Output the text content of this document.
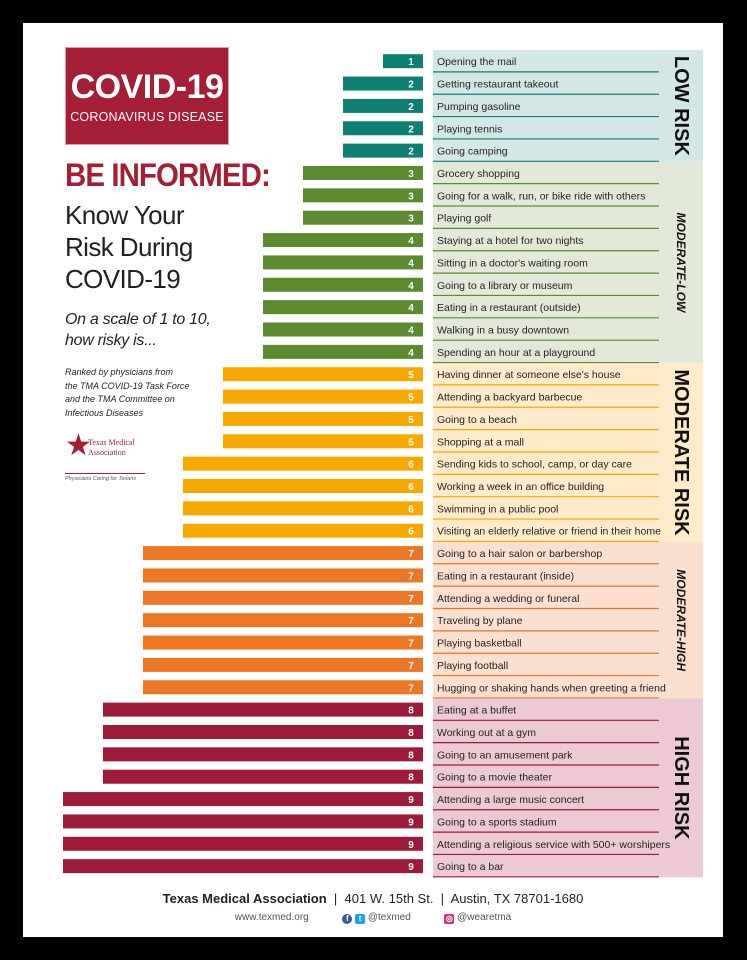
1 Opening the mail
2 Getting restaurant takeout
2 Pumping gasoline
2 Playing tennis
2 Going camping
3 Grocery shopping
3 Going for a walk, run, or bike ride with others
3 Playing golf
4 Staying at a hotel for two nights
4 Sitting in a doctor's waiting room
4 Going to a library or museum
4 Eating in a restaurant (outside)
4 Walking in a busy downtown
4 Spending an hour at a playground
5 Having dinner at someone else's house
5 Attending a backyard barbecue
5 Going to a beach
5 Shopping at a mall
6 Sending kids to school, camp, or day care
6 Working a week in an office building
6 Swimming in a public pool
6 Visiting an elderly relative or friend in their home
7 Going to a hair salon or barbershop
7 Eating in a restaurant (inside)
7 Attending a wedding or funeral
7 Traveling by plane
7 Playing basketball
7 Playing football
7 Hugging or shaking hands when greeting a friend
8 Eating at a buffet
8 Working out at a gym
8 Going to an amusement park
8 Going to a movie theater
9 Attending a large music concert
9 Going to a sports stadium
9 Attending a religious service with 500+ worshipers
9 Going to a bar
LOW RISK
MODERATE-LOW
MODERATE RISK
MODERATE-HIGH
HIGH RISK
COVID-19
CORONAVIRUS DISEASE
BE INFORMED:
Know Your
Risk During
COVID-19
On a scale of 1 to 10,
how risky is...
Ranked by physicians from
the TMA COVID-19 Task Force
and the TMA Committee on
Infectious Diseases
★
Texas Medical
Association
Physicians Caring for Texans
Texas Medical Association | 401 W. 15th St. | Austin, TX 78701-1680
www.texmed.org	f t @texmed	◎ @wearetma
